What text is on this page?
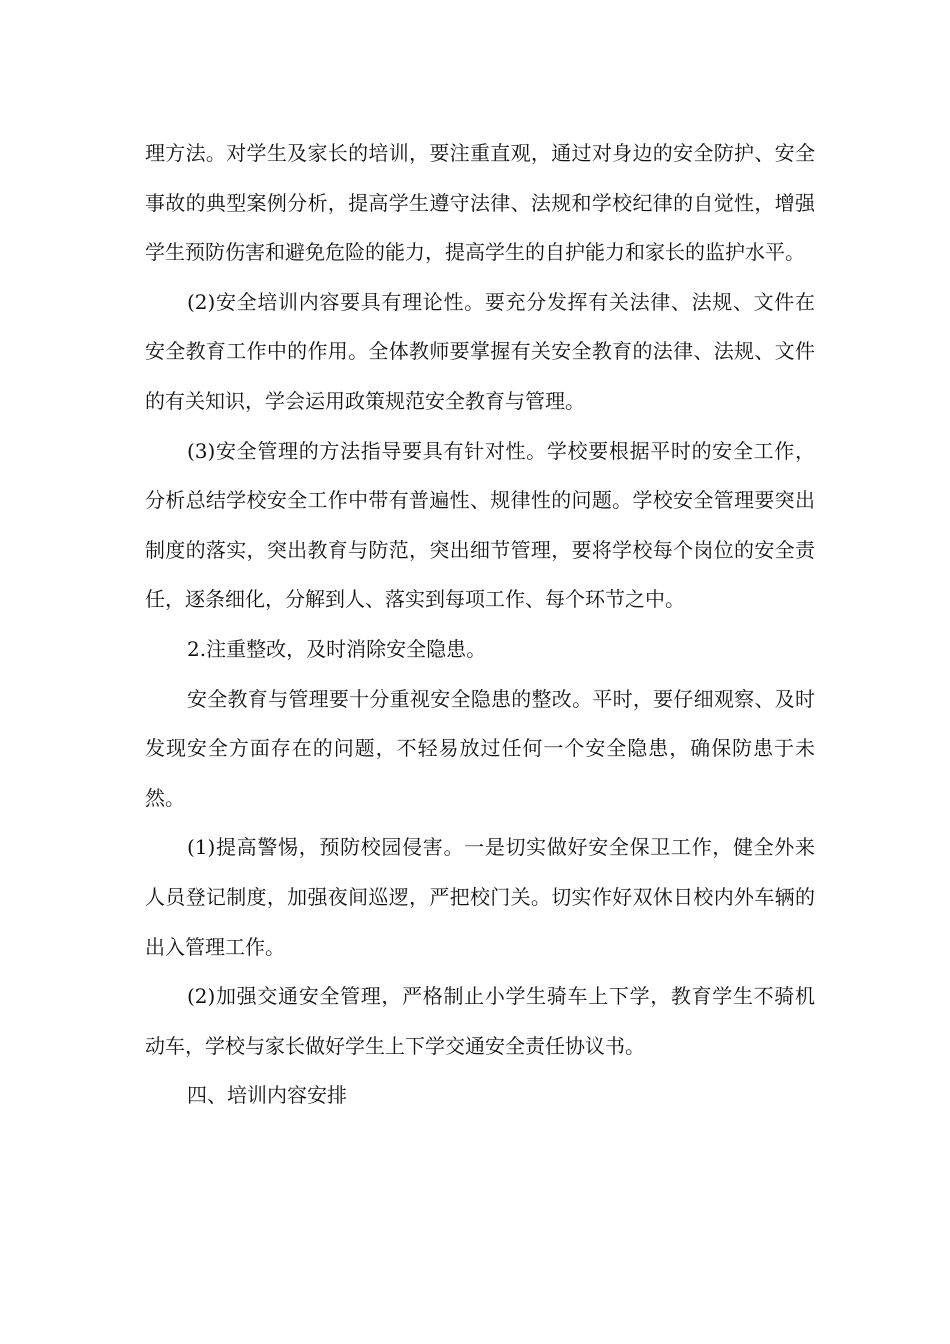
理方法。对学生及家长的培训，要注重直观，通过对身边的安全防护、安全事故的典型案例分析，提高学生遵守法律、法规和学校纪律的自觉性，增强学生预防伤害和避免危险的能力，提高学生的自护能力和家长的监护水平。

(2)安全培训内容要具有理论性。要充分发挥有关法律、法规、文件在安全教育工作中的作用。全体教师要掌握有关安全教育的法律、法规、文件的有关知识，学会运用政策规范安全教育与管理。

(3)安全管理的方法指导要具有针对性。学校要根据平时的安全工作，分析总结学校安全工作中带有普遍性、规律性的问题。学校安全管理要突出制度的落实，突出教育与防范，突出细节管理，要将学校每个岗位的安全责任，逐条细化，分解到人、落实到每项工作、每个环节之中。

2.注重整改，及时消除安全隐患。

安全教育与管理要十分重视安全隐患的整改。平时，要仔细观察、及时发现安全方面存在的问题，不轻易放过任何一个安全隐患，确保防患于未然。

(1)提高警惕，预防校园侵害。一是切实做好安全保卫工作，健全外来人员登记制度，加强夜间巡逻，严把校门关。切实作好双休日校内外车辆的出入管理工作。

(2)加强交通安全管理，严格制止小学生骑车上下学，教育学生不骑机动车，学校与家长做好学生上下学交通安全责任协议书。

四、培训内容安排
